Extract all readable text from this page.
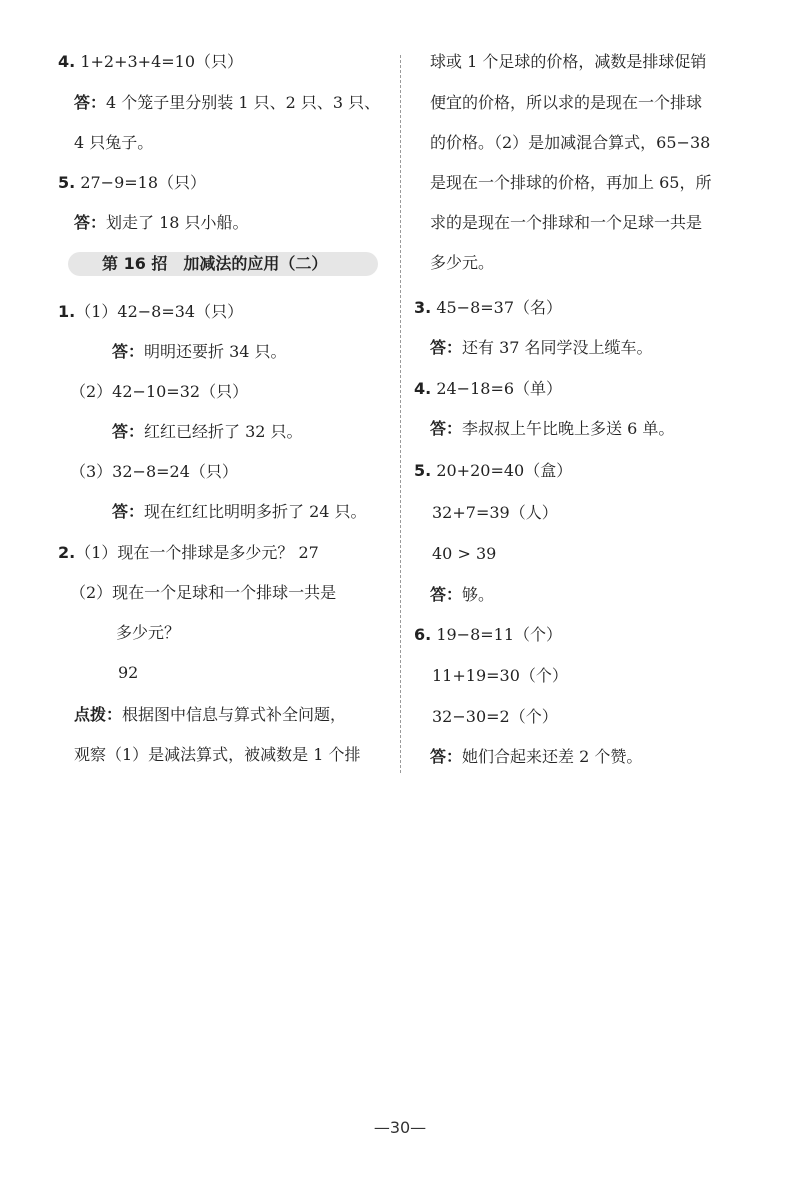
4. 1+2+3+4=10（只）
答：4 个笼子里分别装 1 只、2 只、3 只、
4 只兔子。
5. 27−9=18（只）
答：划走了 18 只小船。
第 16 招　加减法的应用（二）
1.（1）42−8=34（只）
答：明明还要折 34 只。
（2）42−10=32（只）
答：红红已经折了 32 只。
（3）32−8=24（只）
答：现在红红比明明多折了 24 只。
2.（1）现在一个排球是多少元？ 27
（2）现在一个足球和一个排球一共是
多少元？
92
点拨：根据图中信息与算式补全问题，
观察（1）是减法算式，被减数是 1 个排
球或 1 个足球的价格，减数是排球促销
便宜的价格，所以求的是现在一个排球
的价格。（2）是加减混合算式，65−38
是现在一个排球的价格，再加上 65，所
求的是现在一个排球和一个足球一共是
多少元。
3. 45−8=37（名）
答：还有 37 名同学没上缆车。
4. 24−18=6（单）
答：李叔叔上午比晚上多送 6 单。
5. 20+20=40（盒）
32+7=39（人）
40 > 39
答：够。
6. 19−8=11（个）
11+19=30（个）
32−30=2（个）
答：她们合起来还差 2 个赞。
—30—
